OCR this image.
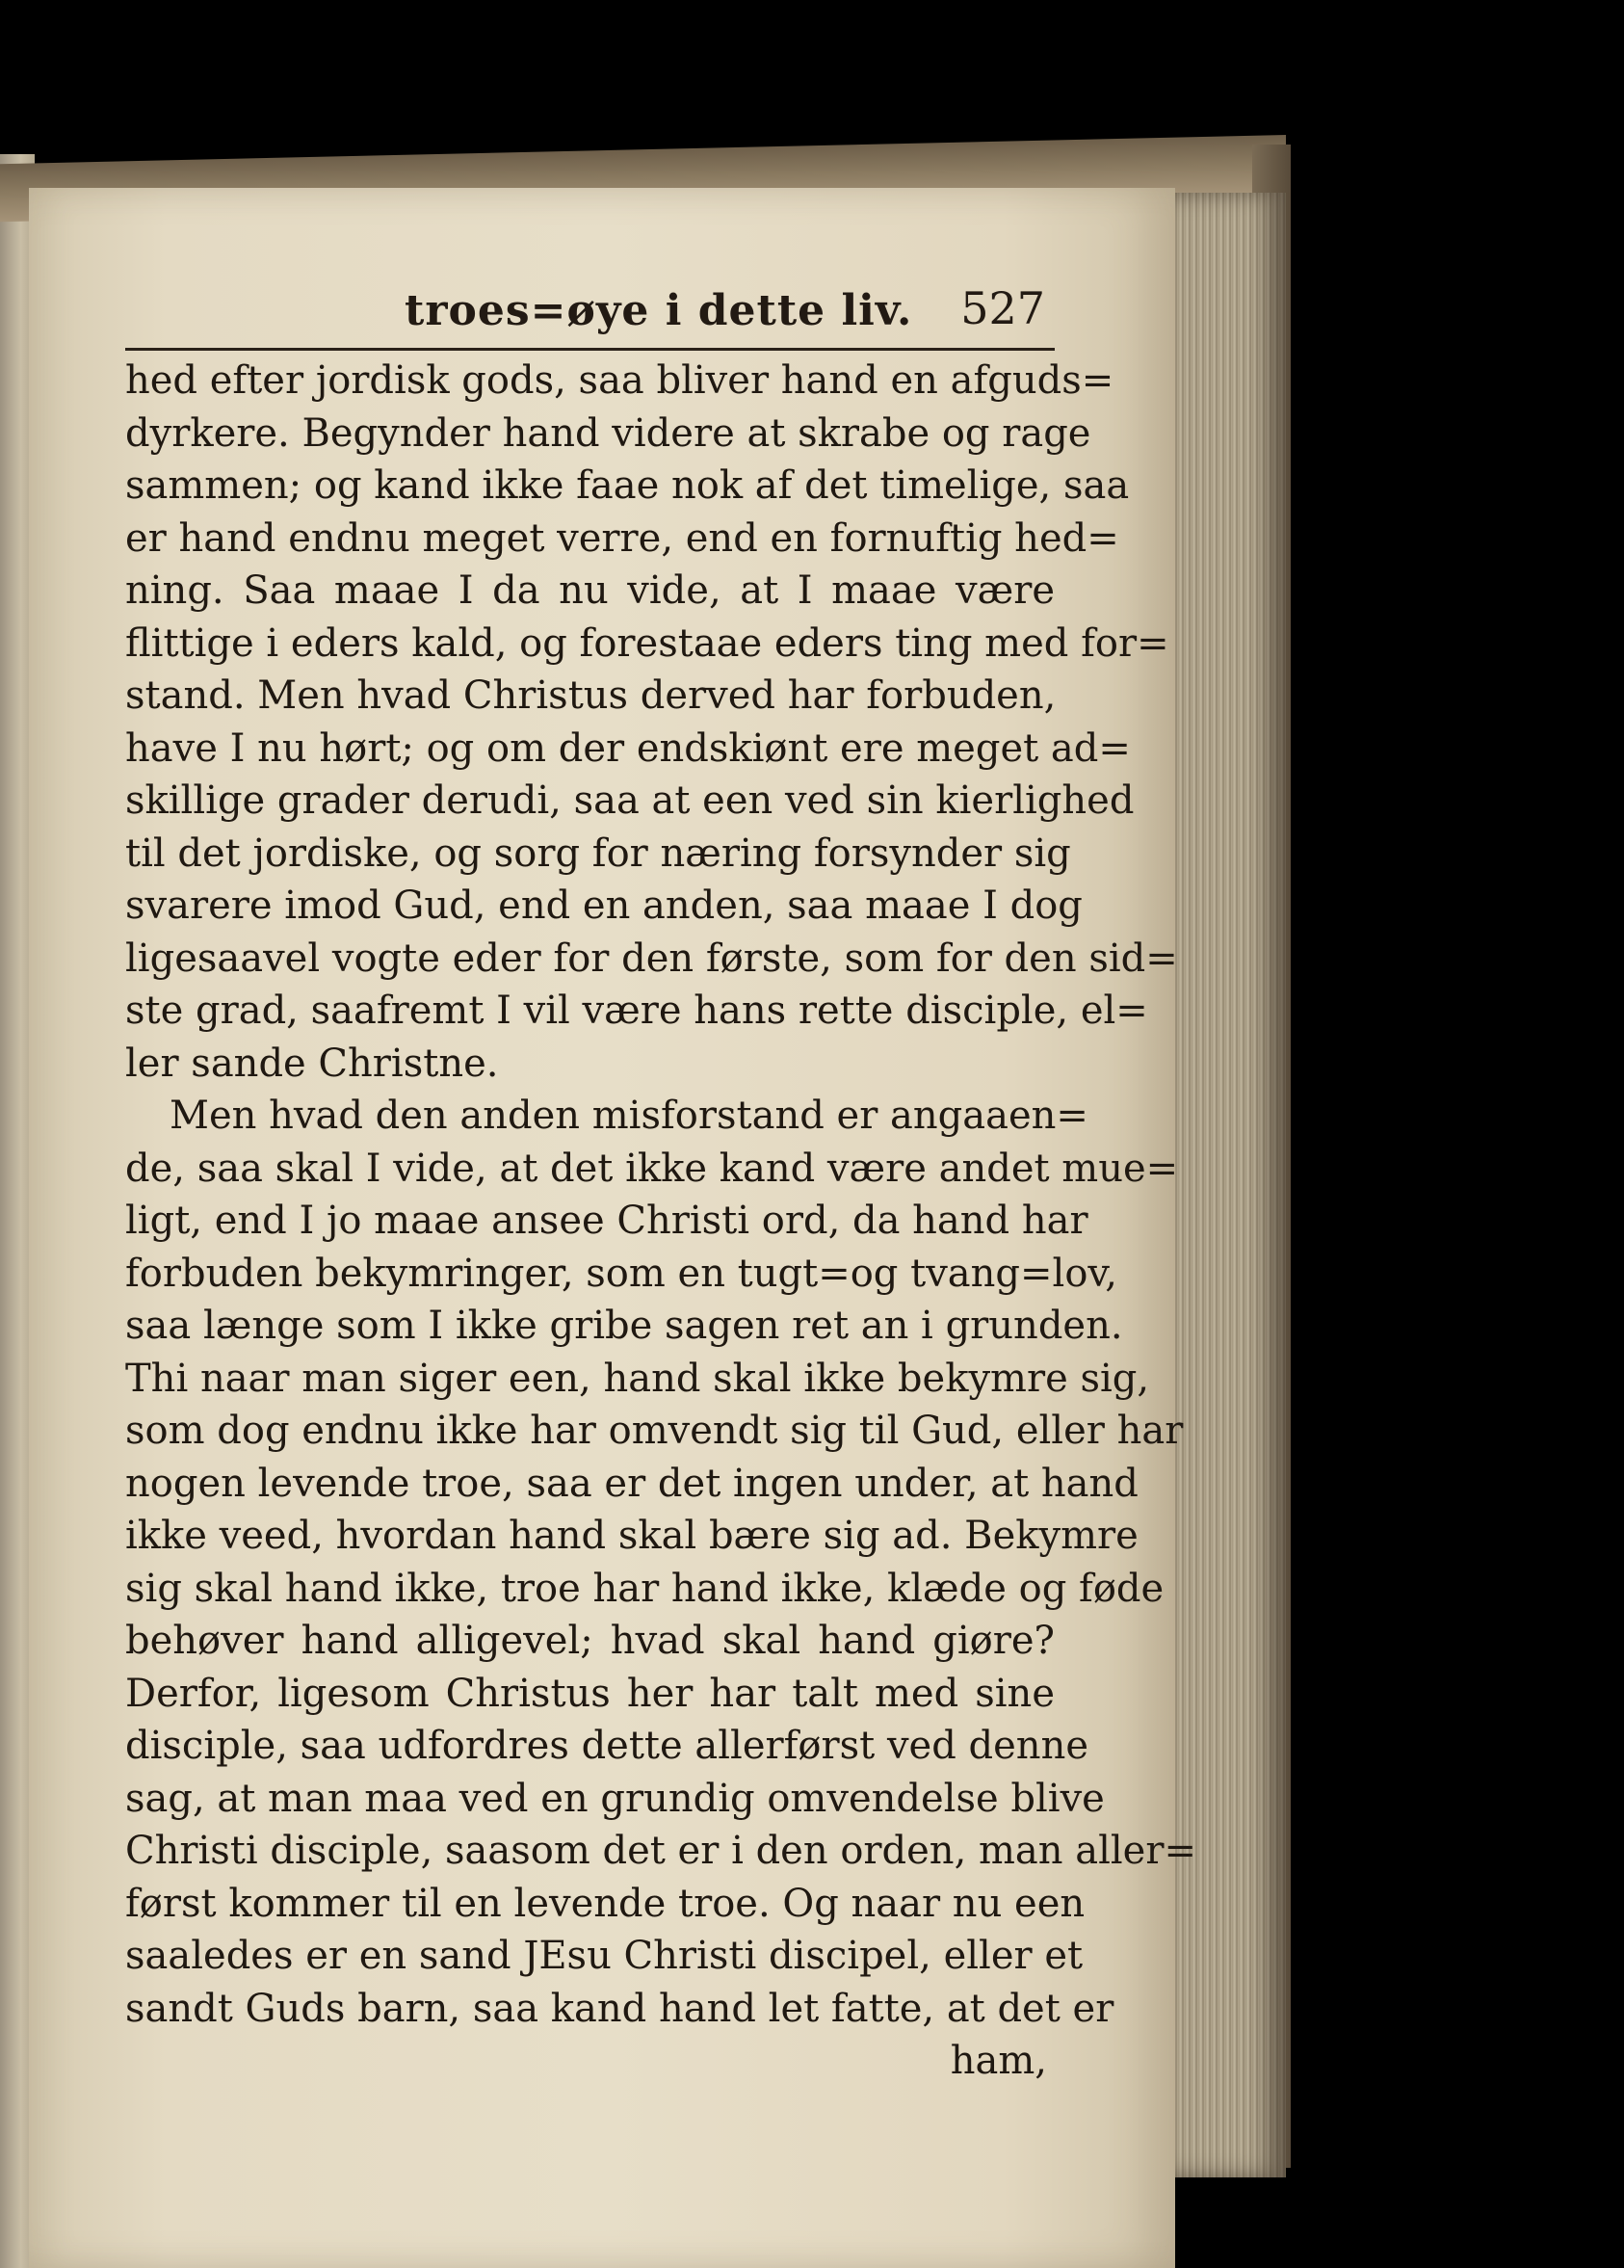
troes=øye i dette liv. 527
hed efter jordisk gods, saa bliver hand en afguds=
dyrkere. Begynder hand videre at skrabe og rage
sammen; og kand ikke faae nok af det timelige, saa
er hand endnu meget verre, end en fornuftig hed=
ning. Saa maae I da nu vide, at I maae være
flittige i eders kald, og forestaae eders ting med for=
stand. Men hvad Christus derved har forbuden,
have I nu hørt; og om der endskiønt ere meget ad=
skillige grader derudi, saa at een ved sin kierlighed
til det jordiske, og sorg for næring forsynder sig
svarere imod Gud, end en anden, saa maae I dog
ligesaavel vogte eder for den første, som for den sid=
ste grad, saafremt I vil være hans rette disciple, el=
ler sande Christne.
Men hvad den anden misforstand er angaaen=
de, saa skal I vide, at det ikke kand være andet mue=
ligt, end I jo maae ansee Christi ord, da hand har
forbuden bekymringer, som en tugt=og tvang=lov,
saa længe som I ikke gribe sagen ret an i grunden.
Thi naar man siger een, hand skal ikke bekymre sig,
som dog endnu ikke har omvendt sig til Gud, eller har
nogen levende troe, saa er det ingen under, at hand
ikke veed, hvordan hand skal bære sig ad. Bekymre
sig skal hand ikke, troe har hand ikke, klæde og føde
behøver hand alligevel; hvad skal hand giøre?
Derfor, ligesom Christus her har talt med sine
disciple, saa udfordres dette allerførst ved denne
sag, at man maa ved en grundig omvendelse blive
Christi disciple, saasom det er i den orden, man aller=
først kommer til en levende troe. Og naar nu een
saaledes er en sand JEsu Christi discipel, eller et
sandt Guds barn, saa kand hand let fatte, at det er
ham,
